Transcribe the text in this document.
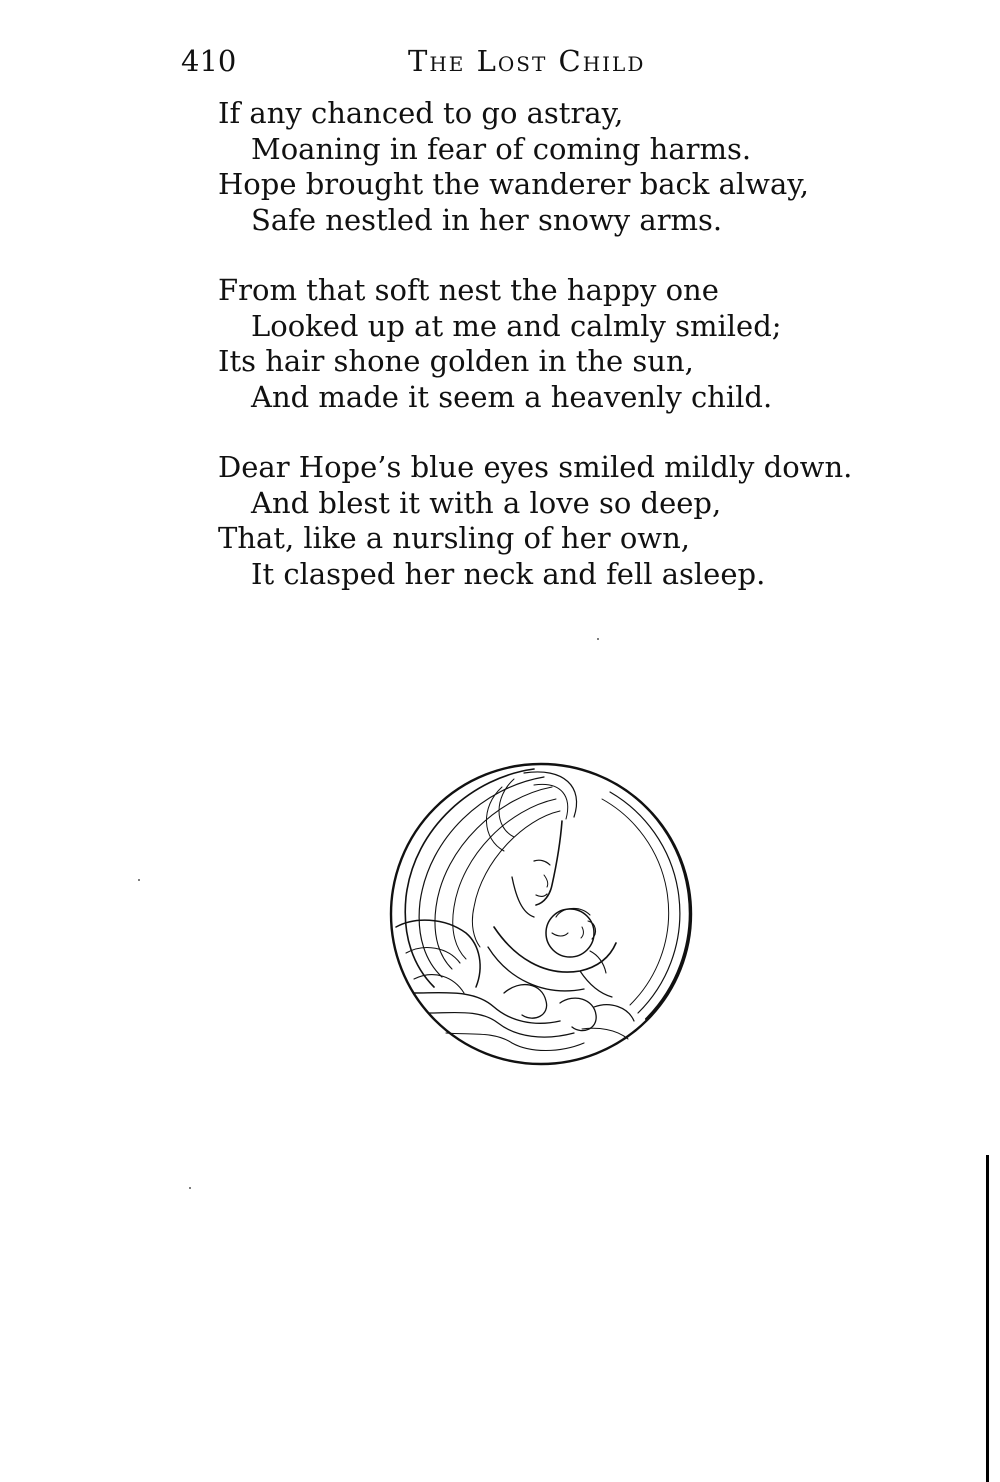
410	The Lost Child
If any chanced to go astray,
Moaning in fear of coming harms.
Hope brought the wanderer back alway,
Safe nestled in her snowy arms.
From that soft nest the happy one
Looked up at me and calmly smiled;
Its hair shone golden in the sun,
And made it seem a heavenly child.
Dear Hope’s blue eyes smiled mildly down.
And blest it with a love so deep,
That, like a nursling of her own,
It clasped her neck and fell asleep.
